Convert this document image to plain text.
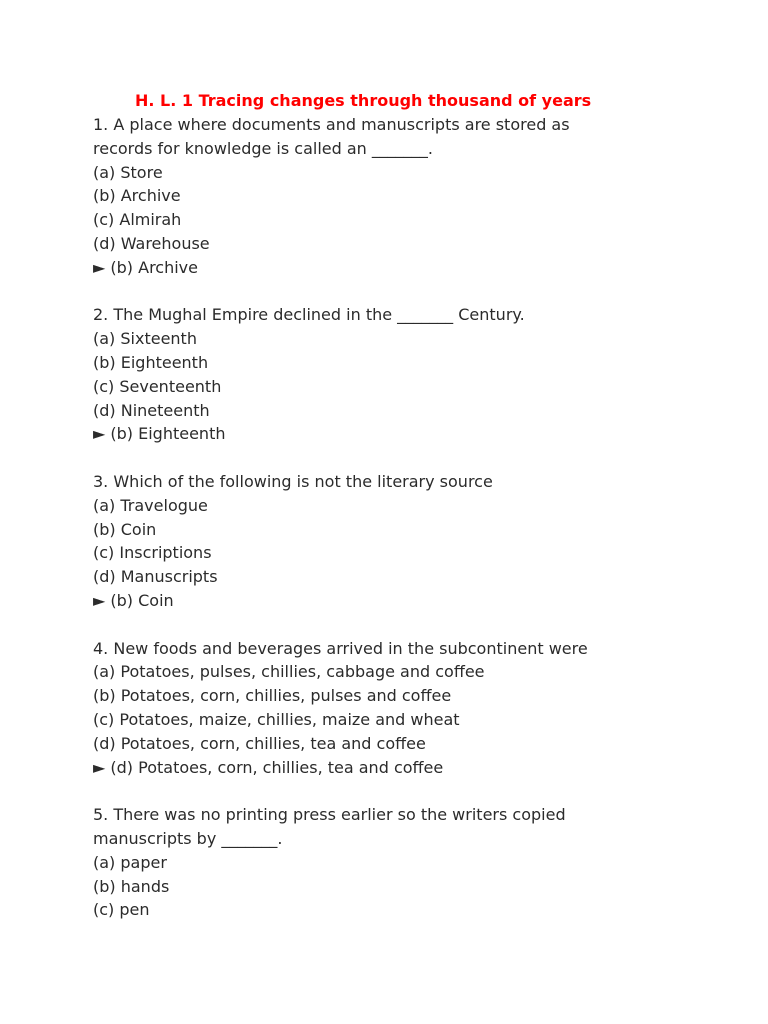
H. L. 1 Tracing changes through thousand of years
1. A place where documents and manuscripts are stored as
records for knowledge is called an _______.
(a) Store
(b) Archive
(c) Almirah
(d) Warehouse
► (b) Archive
2. The Mughal Empire declined in the _______ Century.
(a) Sixteenth
(b) Eighteenth
(c) Seventeenth
(d) Nineteenth
► (b) Eighteenth
3. Which of the following is not the literary source
(a) Travelogue
(b) Coin
(c) Inscriptions
(d) Manuscripts
► (b) Coin
4. New foods and beverages arrived in the subcontinent were
(a) Potatoes, pulses, chillies, cabbage and coffee
(b) Potatoes, corn, chillies, pulses and coffee
(c) Potatoes, maize, chillies, maize and wheat
(d) Potatoes, corn, chillies, tea and coffee
► (d) Potatoes, corn, chillies, tea and coffee
5. There was no printing press earlier so the writers copied
manuscripts by _______.
(a) paper
(b) hands
(c) pen
